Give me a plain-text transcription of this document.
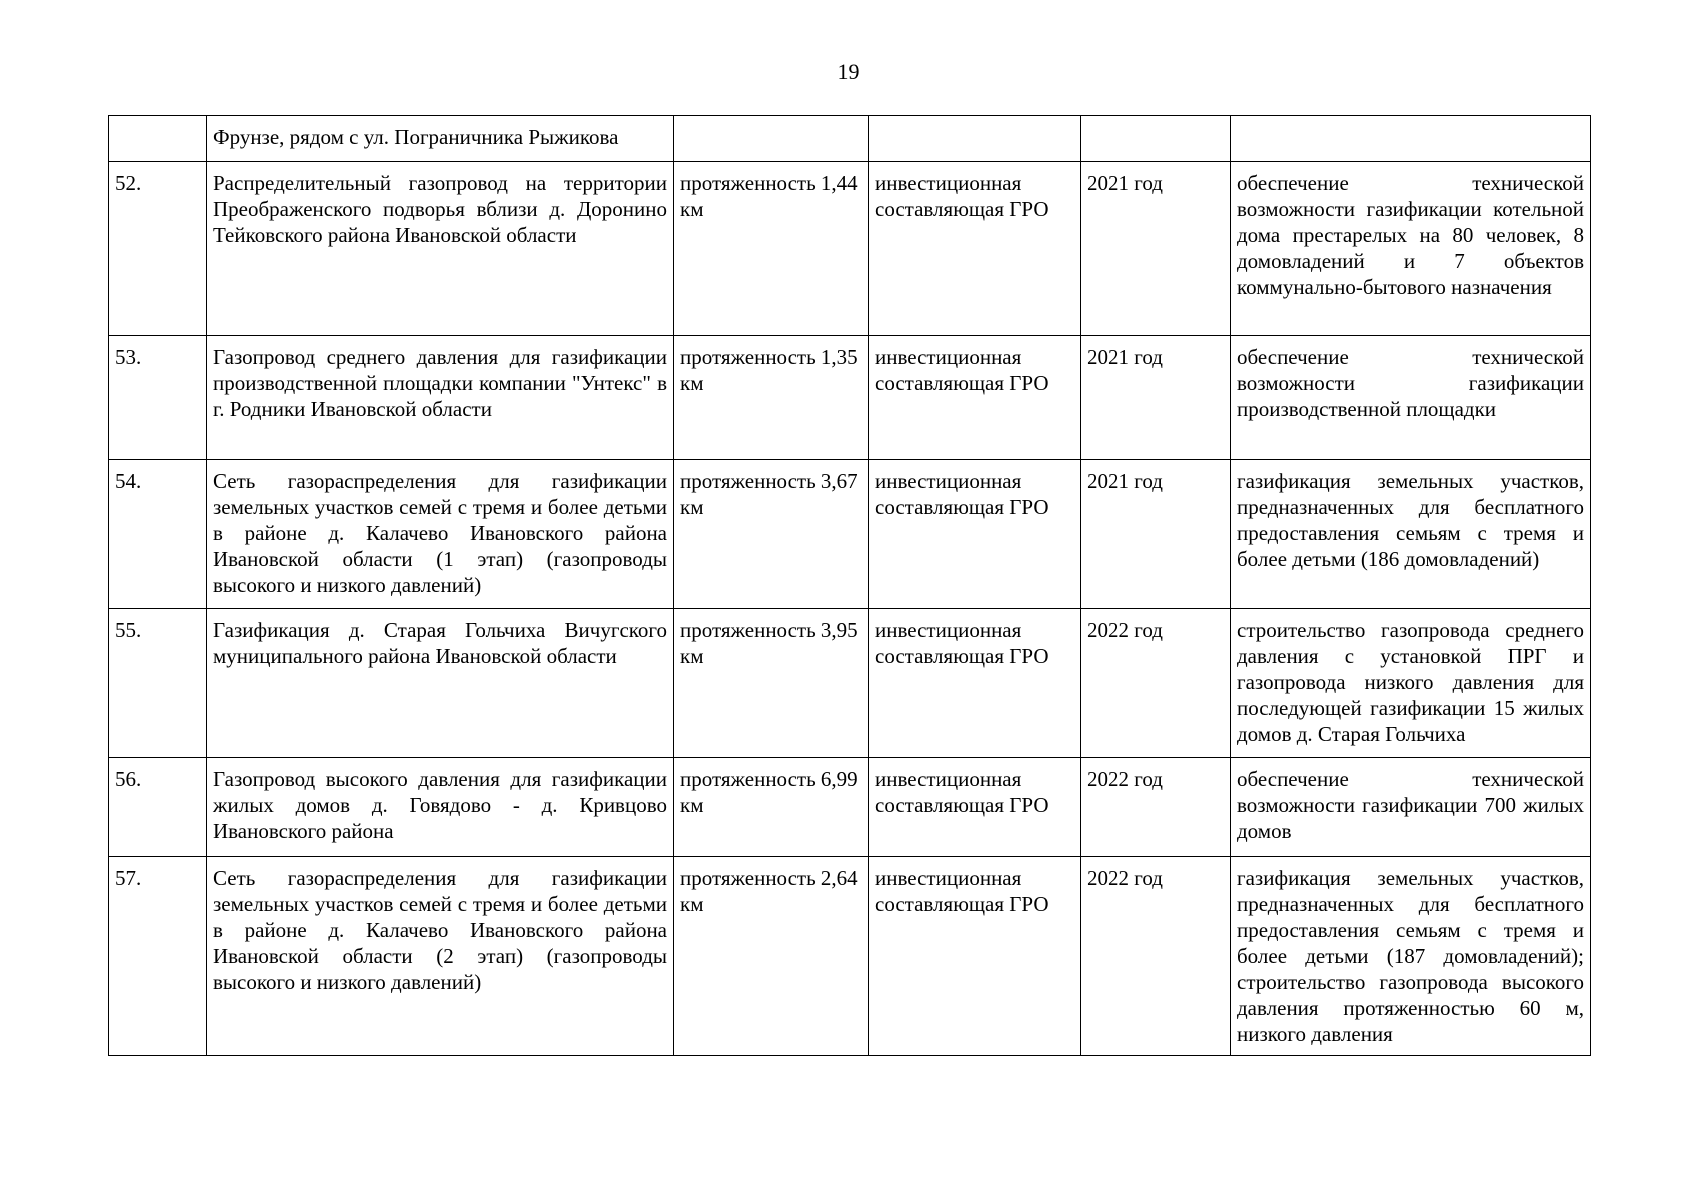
19
	Фрунзе, рядом с ул. Пограничника Рыжикова				
52.	Распределительный газопровод на территории Преображенского подворья вблизи д. Доронино Тейковского района Ивановской области	протяженность 1,44 км	инвестиционная составляющая ГРО	2021 год	обеспечение технической возможности газификации котельной дома престарелых на 80 человек, 8 домовладений и 7 объектов коммунально-бытового назначения
53.	Газопровод среднего давления для газификации производственной площадки компании "Унтекс" в г. Родники Ивановской области	протяженность 1,35 км	инвестиционная составляющая ГРО	2021 год	обеспечение технической возможности газификации производственной площадки
54.	Сеть газораспределения для газификации земельных участков семей с тремя и более детьми в районе д. Калачево Ивановского района Ивановской области (1 этап) (газопроводы высокого и низкого давлений)	протяженность 3,67 км	инвестиционная составляющая ГРО	2021 год	газификация земельных участков, предназначенных для бесплатного предоставления семьям с тремя и более детьми (186 домовладений)
55.	Газификация д. Старая Гольчиха Вичугского муниципального района Ивановской области	протяженность 3,95 км	инвестиционная составляющая ГРО	2022 год	строительство газопровода среднего давления с установкой ПРГ и газопровода низкого давления для последующей газификации 15 жилых домов д. Старая Гольчиха
56.	Газопровод высокого давления для газификации жилых домов д. Говядово - д. Кривцово Ивановского района	протяженность 6,99 км	инвестиционная составляющая ГРО	2022 год	обеспечение технической возможности газификации 700 жилых домов
57.	Сеть газораспределения для газификации земельных участков семей с тремя и более детьми в районе д. Калачево Ивановского района Ивановской области (2 этап) (газопроводы высокого и низкого давлений)	протяженность 2,64 км	инвестиционная составляющая ГРО	2022 год	газификация земельных участков, предназначенных для бесплатного предоставления семьям с тремя и более детьми (187 домовладений); строительство газопровода высокого давления протяженностью 60 м, низкого давления
